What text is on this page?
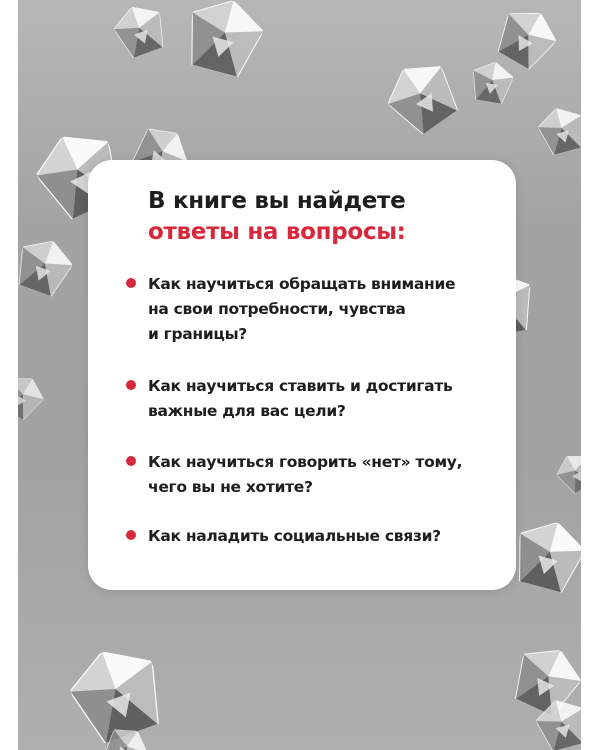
В книге вы найдете
ответы на вопросы:
Как научиться обращать внимание
на свои потребности, чувства
и границы?
Как научиться ставить и достигать
важные для вас цели?
Как научиться говорить «нет» тому,
чего вы не хотите?
Как наладить социальные связи?
